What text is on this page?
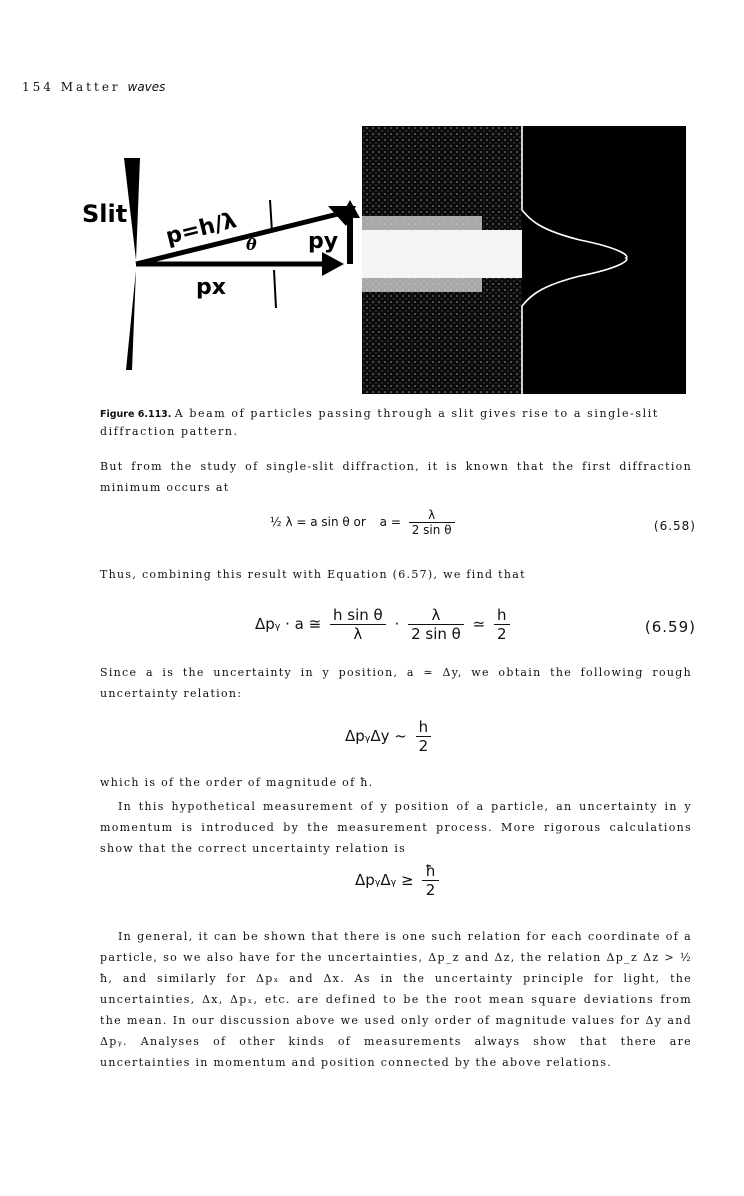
154 Matter waves
Slit p=h/λ θ py
px
Δpy
Figure 6.113. A beam of particles passing through a slit gives rise to a single-slit diffraction pattern.
But from the study of single-slit diffraction, it is known that the first diffraction minimum occurs at
½ λ = a sin θ or $a = \frac{\lambda}{\text{2 sin θ}}$	(6.58)
Thus, combining this result with Equation (6.57), we find that
Δpᵧ · a ≅ $\frac{\text{h sin θ}}{\lambda} \cdot \frac{\lambda}{\text{2 sin θ}}$ ≃ $\frac{h}{2}$	(6.59)
Since a is the uncertainty in y position, a ≃ Δy, we obtain the following rough uncertainty relation:
ΔpᵧΔy ~ $\frac{h}{2}$
which is of the order of magnitude of ħ.
In this hypothetical measurement of y position of a particle, an uncertainty in y momentum is introduced by the measurement process. More rigorous calculations show that the correct uncertainty relation is
ΔpᵧΔᵧ ≥ $\frac{ħ}{2}$
In general, it can be shown that there is one such relation for each coordinate of a particle, so we also have for the uncertainties, Δp_z and Δz, the relation Δp_z Δz > ½ ħ, and similarly for Δpₓ and Δx. As in the uncertainty principle for light, the uncertainties, Δx, Δpₓ, etc. are defined to be the root mean square deviations from the mean. In our discussion above we used only order of magnitude values for Δy and Δpᵧ. Analyses of other kinds of measurements always show that there are uncertainties in momentum and position connected by the above relations.
